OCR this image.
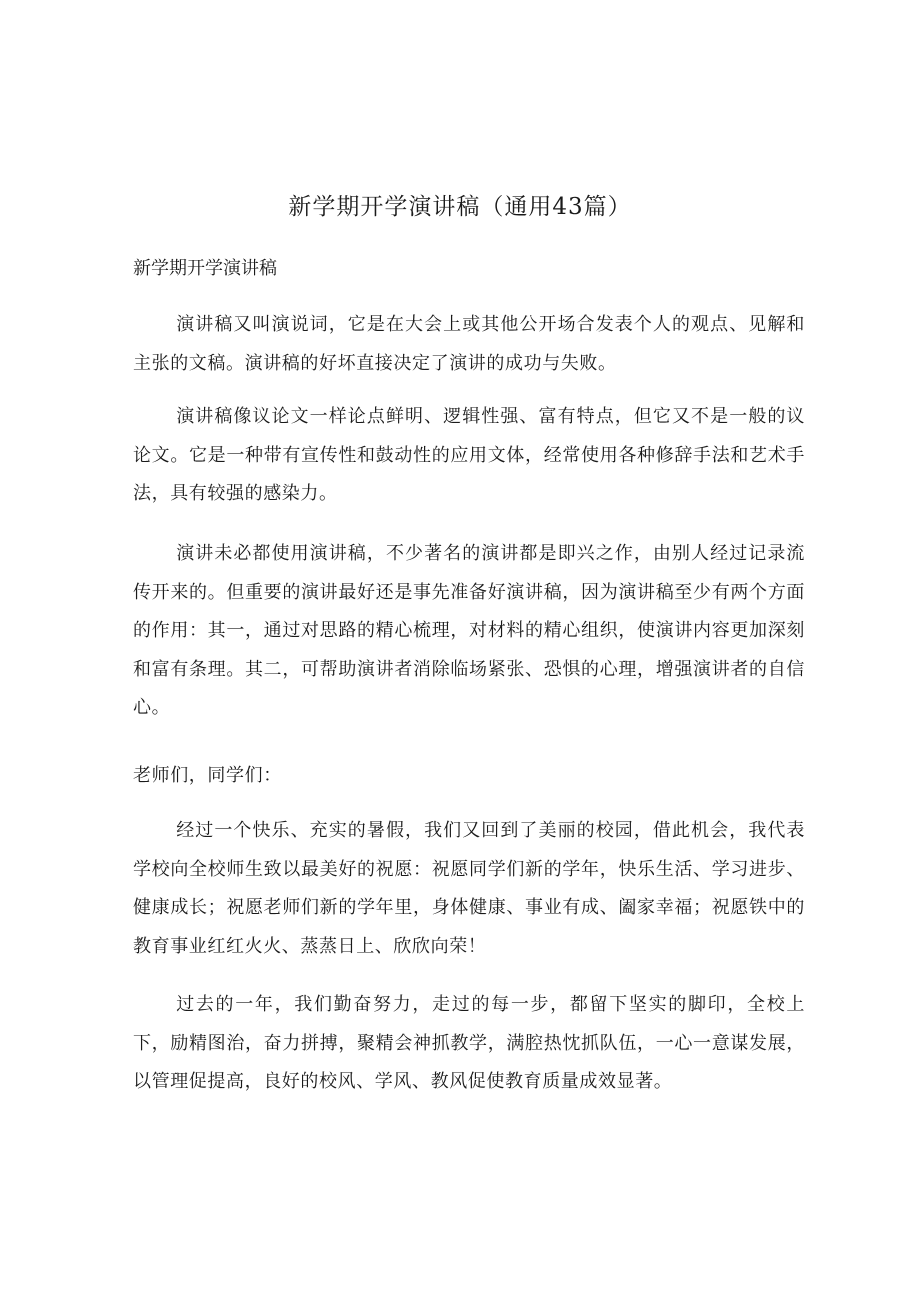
新学期开学演讲稿（通用43篇）

新学期开学演讲稿

演讲稿又叫演说词，它是在大会上或其他公开场合发表个人的观点、见解和主张的文稿。演讲稿的好坏直接决定了演讲的成功与失败。

演讲稿像议论文一样论点鲜明、逻辑性强、富有特点，但它又不是一般的议论文。它是一种带有宣传性和鼓动性的应用文体，经常使用各种修辞手法和艺术手法，具有较强的感染力。

演讲未必都使用演讲稿，不少著名的演讲都是即兴之作，由别人经过记录流传开来的。但重要的演讲最好还是事先准备好演讲稿，因为演讲稿至少有两个方面的作用：其一，通过对思路的精心梳理，对材料的精心组织，使演讲内容更加深刻和富有条理。其二，可帮助演讲者消除临场紧张、恐惧的心理，增强演讲者的自信心。

老师们，同学们：

经过一个快乐、充实的暑假，我们又回到了美丽的校园，借此机会，我代表学校向全校师生致以最美好的祝愿：祝愿同学们新的学年，快乐生活、学习进步、健康成长；祝愿老师们新的学年里，身体健康、事业有成、阖家幸福；祝愿铁中的教育事业红红火火、蒸蒸日上、欣欣向荣！

过去的一年，我们勤奋努力，走过的每一步，都留下坚实的脚印，全校上下，励精图治，奋力拼搏，聚精会神抓教学，满腔热忱抓队伍，一心一意谋发展，以管理促提高，良好的校风、学风、教风促使教育质量成效显著。
